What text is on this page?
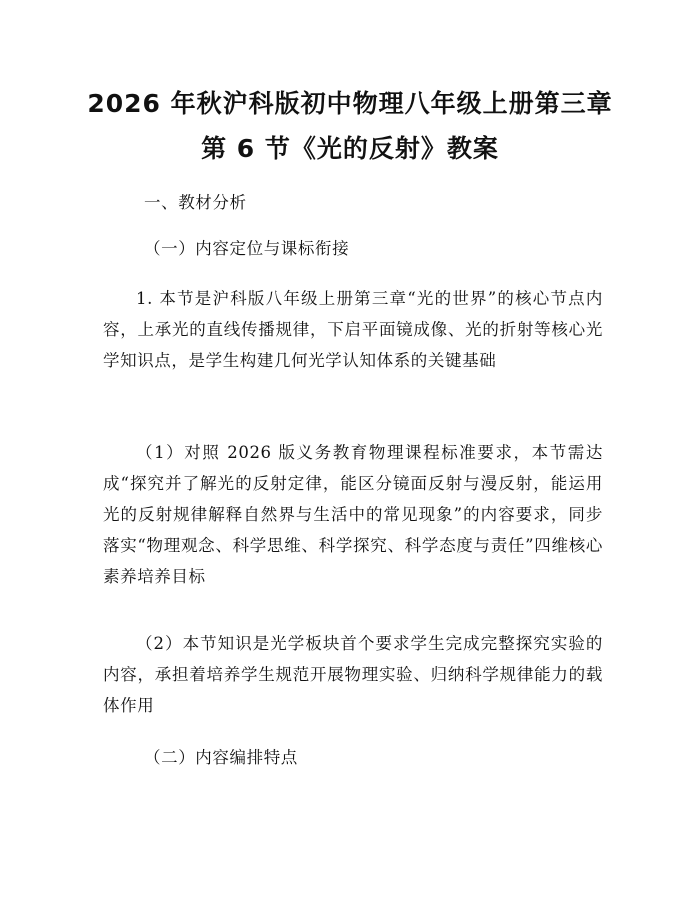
2026 年秋沪科版初中物理八年级上册第三章
第 6 节《光的反射》教案
一、教材分析
（一）内容定位与课标衔接
1. 本节是沪科版八年级上册第三章“光的世界”的核心节点内容，上承光的直线传播规律，下启平面镜成像、光的折射等核心光学知识点，是学生构建几何光学认知体系的关键基础
（1）对照 2026 版义务教育物理课程标准要求，本节需达成“探究并了解光的反射定律，能区分镜面反射与漫反射，能运用光的反射规律解释自然界与生活中的常见现象”的内容要求，同步落实“物理观念、科学思维、科学探究、科学态度与责任”四维核心素养培养目标
（2）本节知识是光学板块首个要求学生完成完整探究实验的内容，承担着培养学生规范开展物理实验、归纳科学规律能力的载体作用
（二）内容编排特点
